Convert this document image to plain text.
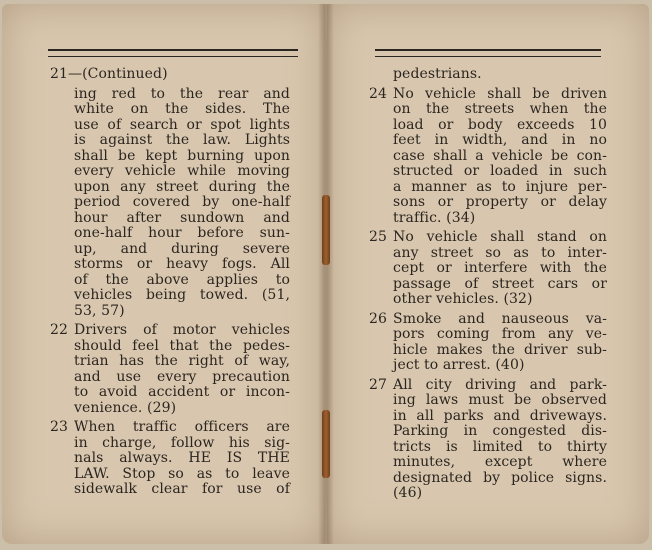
21—(Continued)
ing red to the rear and
white on the sides. The
use of search or spot lights
is against the law. Lights
shall be kept burning upon
every vehicle while moving
upon any street during the
period covered by one-half
hour after sundown and
one-half hour before sun-
up, and during severe
storms or heavy fogs. All
of the above applies to
vehicles being towed. (51,
53, 57)
22 Drivers of motor vehicles
should feel that the pedes-
trian has the right of way,
and use every precaution
to avoid accident or incon-
venience. (29)
23 When traffic officers are
in charge, follow his sig-
nals always. HE IS THE
LAW. Stop so as to leave
sidewalk clear for use of
pedestrians.
24 No vehicle shall be driven
on the streets when the
load or body exceeds 10
feet in width, and in no
case shall a vehicle be con-
structed or loaded in such
a manner as to injure per-
sons or property or delay
traffic. (34)
25 No vehicle shall stand on
any street so as to inter-
cept or interfere with the
passage of street cars or
other vehicles. (32)
26 Smoke and nauseous va-
pors coming from any ve-
hicle makes the driver sub-
ject to arrest. (40)
27 All city driving and park-
ing laws must be observed
in all parks and driveways.
Parking in congested dis-
tricts is limited to thirty
minutes, except where
designated by police signs.
(46)
